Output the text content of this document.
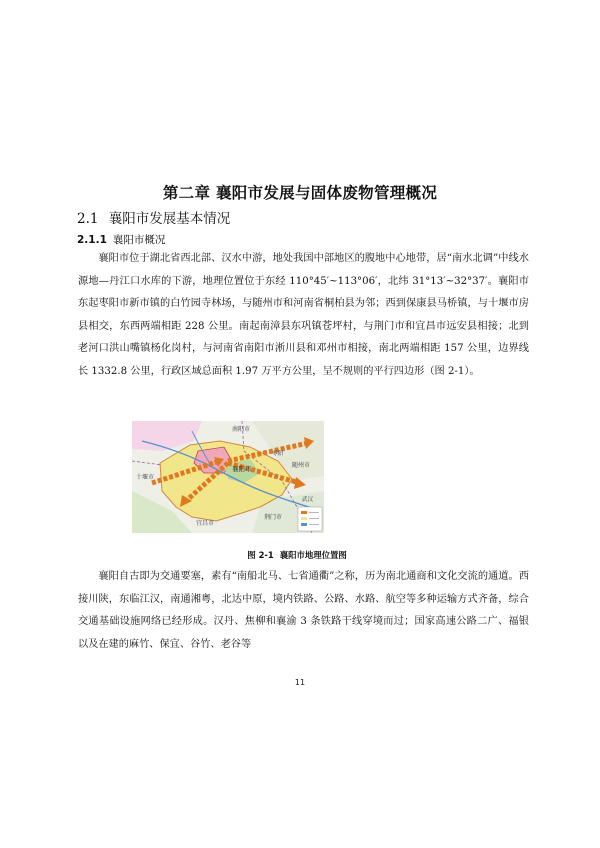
第二章 襄阳市发展与固体废物管理概况
2.1 襄阳市发展基本情况
2.1.1 襄阳市概况

襄阳市位于湖北省西北部、汉水中游，地处我国中部地区的腹地中心地带，居“南水北调”中线水源地—丹江口水库的下游，地理位置位于东经 110°45′~113°06′，北纬 31°13′~32°37′。襄阳市东起枣阳市新市镇的白竹园寺林场，与随州市和河南省桐柏县为邻；西到保康县马桥镇，与十堰市房县相交，东西两端相距 228 公里。南起南漳县东巩镇苍坪村，与荆门市和宜昌市远安县相接；北到老河口洪山嘴镇杨化岗村，与河南省南阳市淅川县和邓州市相接，南北两端相距 157 公里，边界线长 1332.8 公里，行政区域总面积 1.97 万平方公里，呈不规则的平行四边形（图 2-1）。

南阳市
十堰市
襄阳市	随州市
宜昌市
荆门市
枣阳
武汉
图 2-1 襄阳市地理位置图

襄阳自古即为交通要塞，素有“南船北马、七省通衢”之称，历为南北通商和文化交流的通道。西接川陕，东临江汉，南通湘粤，北达中原，境内铁路、公路、水路、航空等多种运输方式齐备，综合交通基础设施网络已经形成。汉丹、焦柳和襄渝 3 条铁路干线穿境而过；国家高速公路二广、福银以及在建的麻竹、保宜、谷竹、老谷等

11
